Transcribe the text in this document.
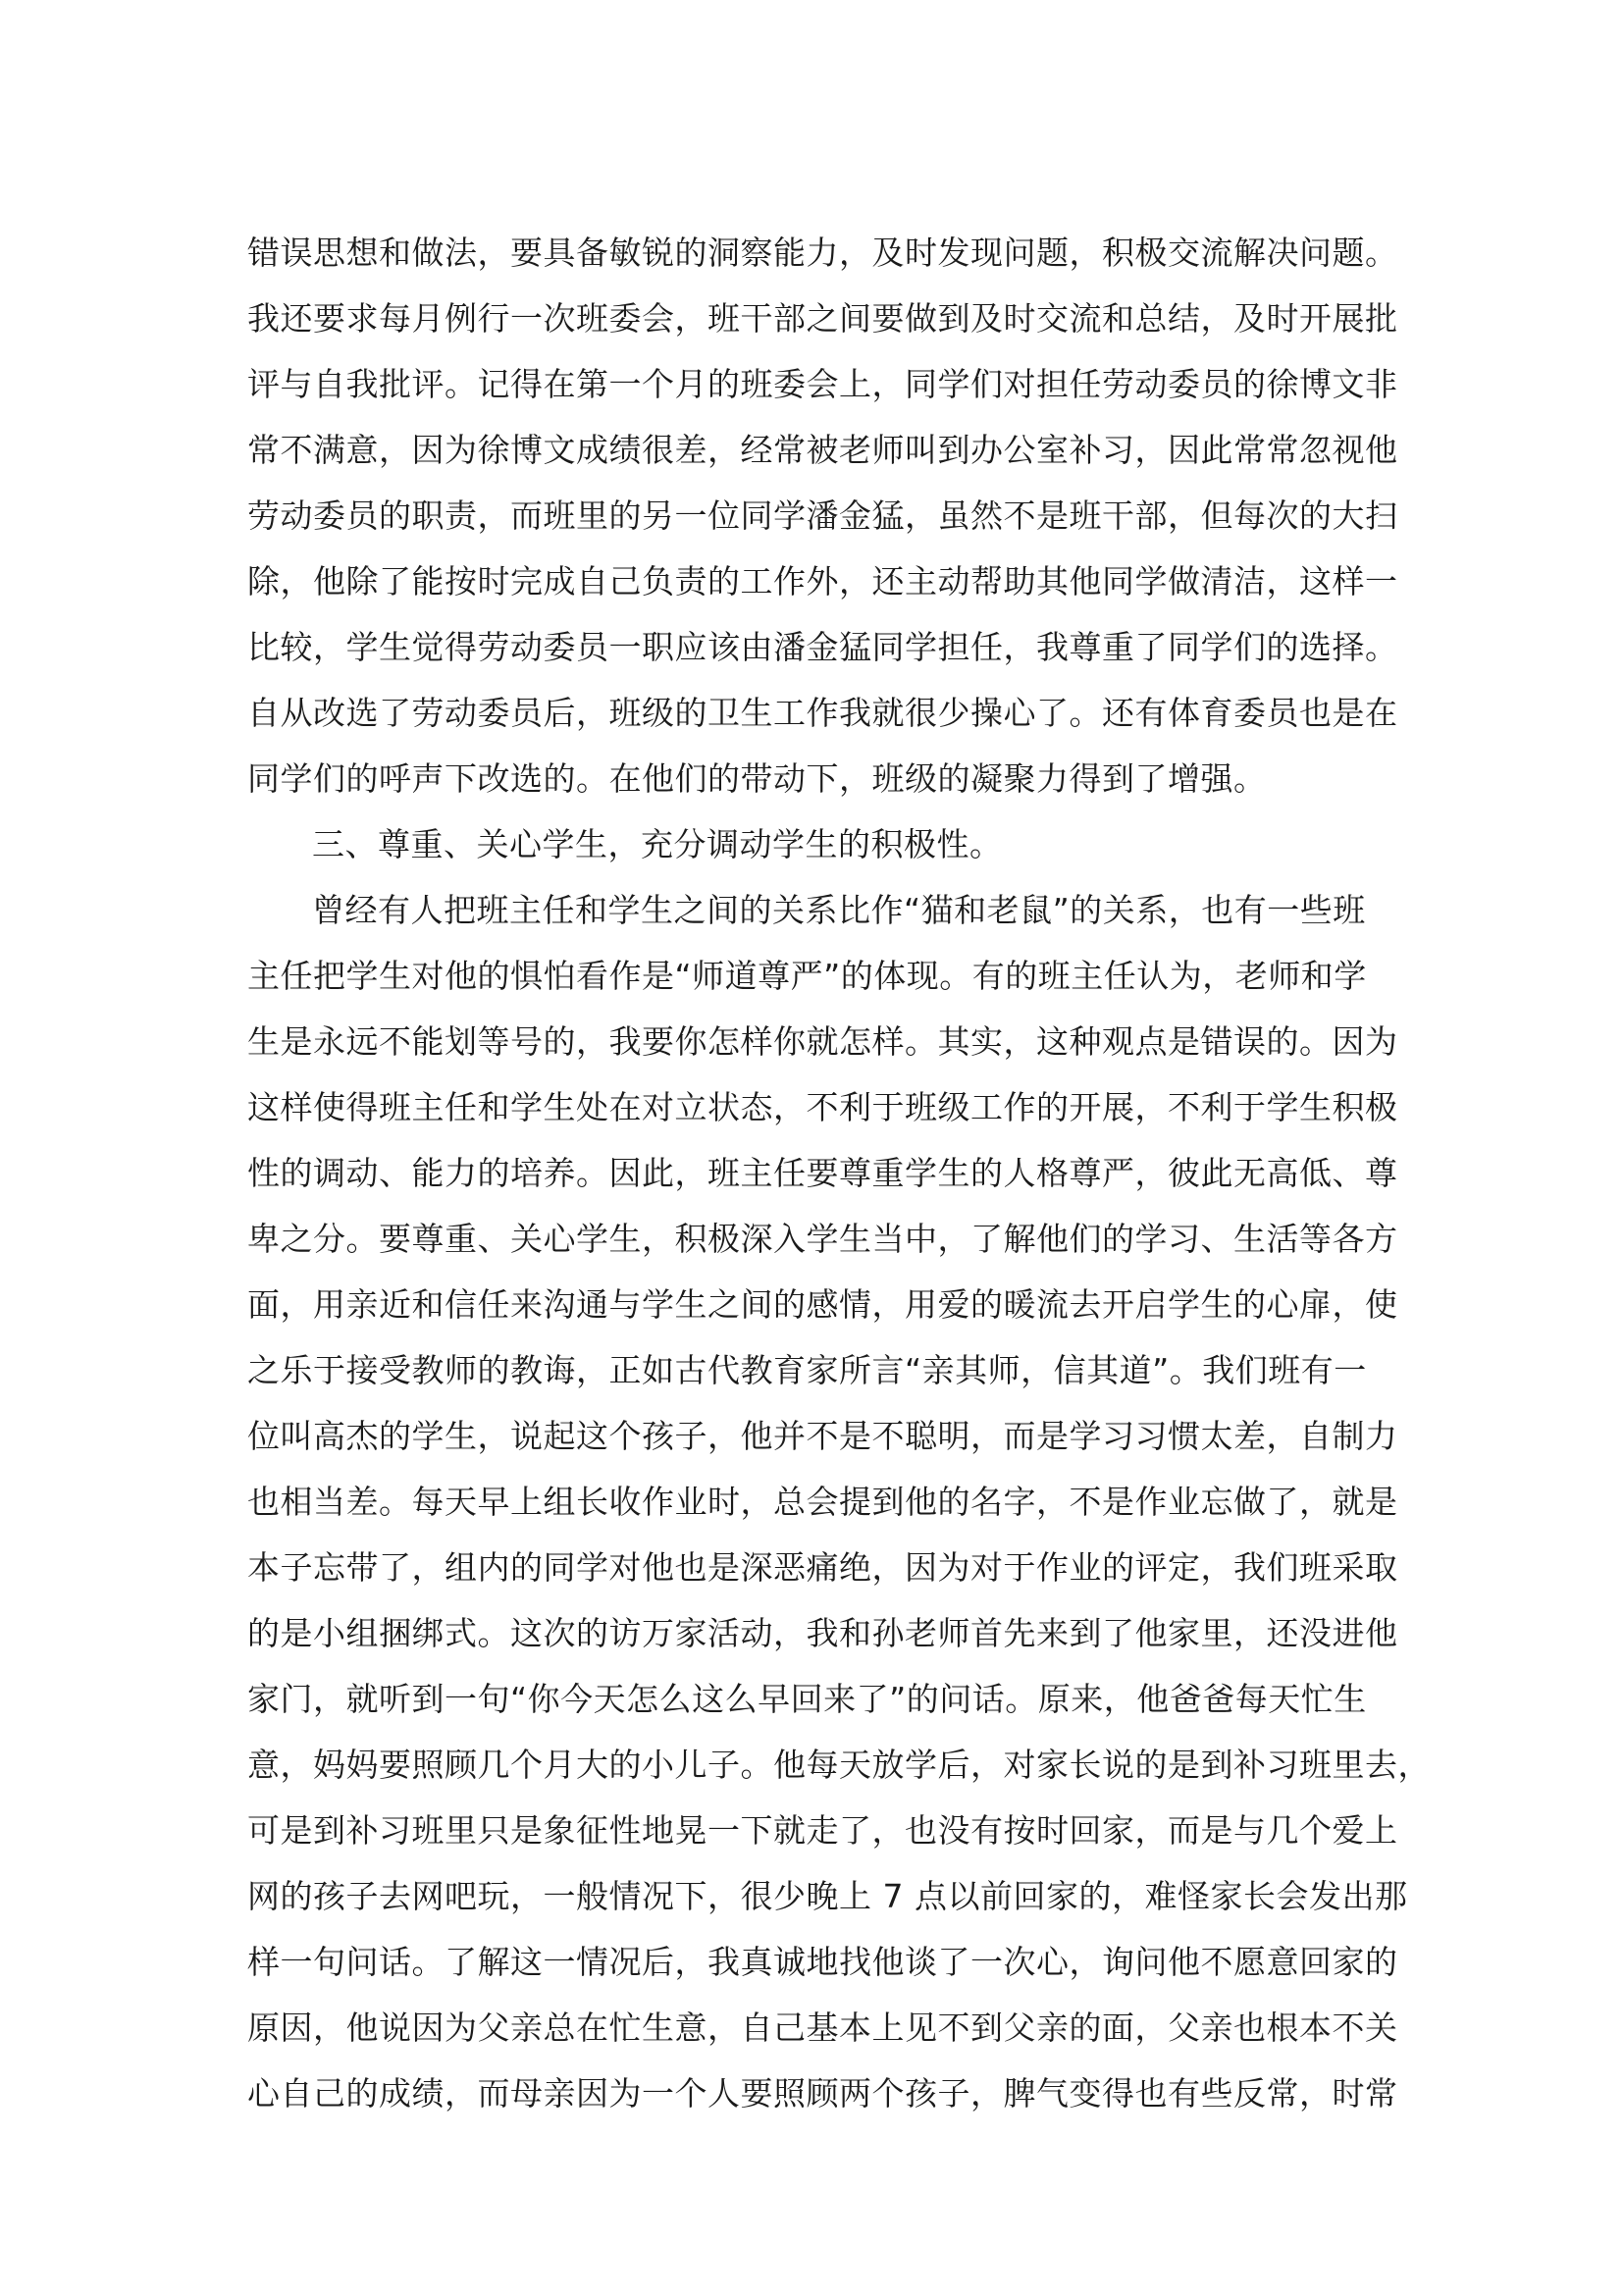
错误思想和做法，要具备敏锐的洞察能力，及时发现问题，积极交流解决问题。
我还要求每月例行一次班委会，班干部之间要做到及时交流和总结，及时开展批
评与自我批评。记得在第一个月的班委会上，同学们对担任劳动委员的徐博文非
常不满意，因为徐博文成绩很差，经常被老师叫到办公室补习，因此常常忽视他
劳动委员的职责，而班里的另一位同学潘金猛，虽然不是班干部，但每次的大扫
除，他除了能按时完成自己负责的工作外，还主动帮助其他同学做清洁，这样一
比较，学生觉得劳动委员一职应该由潘金猛同学担任，我尊重了同学们的选择。
自从改选了劳动委员后，班级的卫生工作我就很少操心了。还有体育委员也是在
同学们的呼声下改选的。在他们的带动下，班级的凝聚力得到了增强。
三、尊重、关心学生，充分调动学生的积极性。
曾经有人把班主任和学生之间的关系比作“猫和老鼠”的关系，也有一些班
主任把学生对他的惧怕看作是“师道尊严”的体现。有的班主任认为，老师和学
生是永远不能划等号的，我要你怎样你就怎样。其实，这种观点是错误的。因为
这样使得班主任和学生处在对立状态，不利于班级工作的开展，不利于学生积极
性的调动、能力的培养。因此，班主任要尊重学生的人格尊严，彼此无高低、尊
卑之分。要尊重、关心学生，积极深入学生当中，了解他们的学习、生活等各方
面，用亲近和信任来沟通与学生之间的感情，用爱的暖流去开启学生的心扉，使
之乐于接受教师的教诲，正如古代教育家所言“亲其师，信其道”。我们班有一
位叫高杰的学生，说起这个孩子，他并不是不聪明，而是学习习惯太差，自制力
也相当差。每天早上组长收作业时，总会提到他的名字，不是作业忘做了，就是
本子忘带了，组内的同学对他也是深恶痛绝，因为对于作业的评定，我们班采取
的是小组捆绑式。这次的访万家活动，我和孙老师首先来到了他家里，还没进他
家门，就听到一句“你今天怎么这么早回来了”的问话。原来，他爸爸每天忙生
意，妈妈要照顾几个月大的小儿子。他每天放学后，对家长说的是到补习班里去，
可是到补习班里只是象征性地晃一下就走了，也没有按时回家，而是与几个爱上
网的孩子去网吧玩，一般情况下，很少晚上 7 点以前回家的，难怪家长会发出那
样一句问话。了解这一情况后，我真诚地找他谈了一次心，询问他不愿意回家的
原因，他说因为父亲总在忙生意，自己基本上见不到父亲的面，父亲也根本不关
心自己的成绩，而母亲因为一个人要照顾两个孩子，脾气变得也有些反常，时常
